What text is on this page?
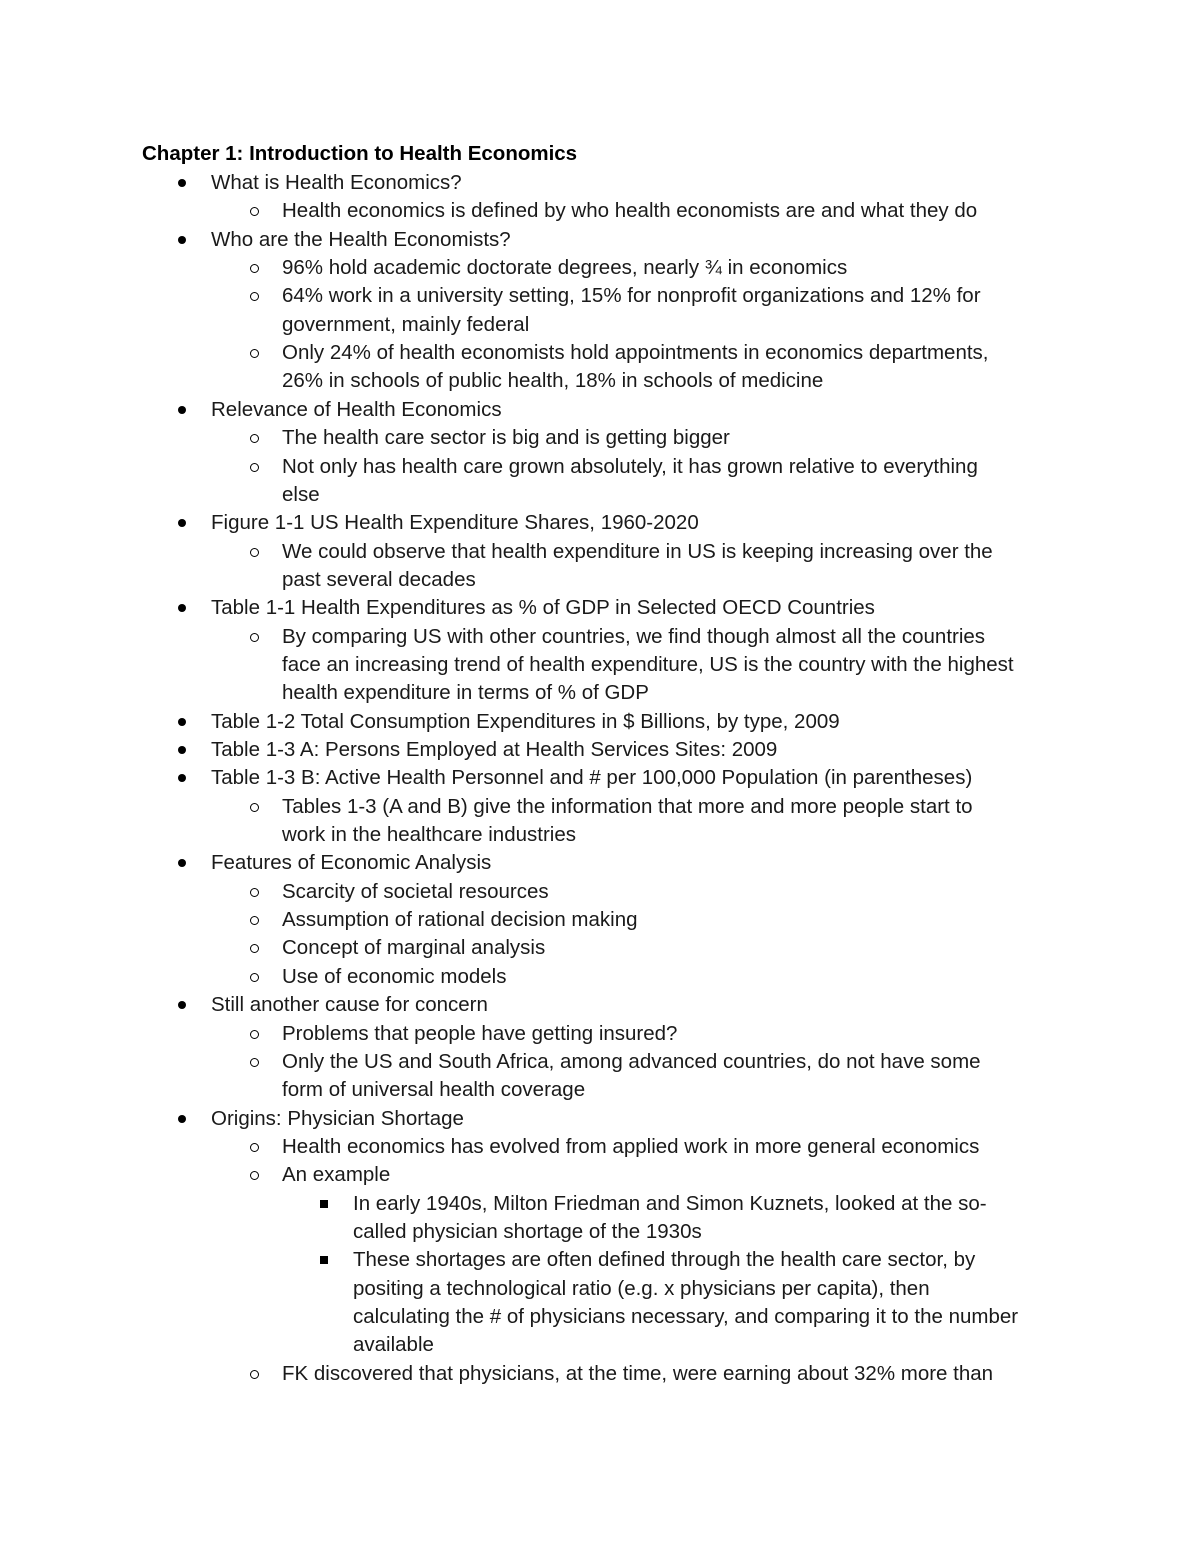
Chapter 1: Introduction to Health Economics
What is Health Economics?
Health economics is defined by who health economists are and what they do
Who are the Health Economists?
96% hold academic doctorate degrees, nearly ¾ in economics
64% work in a university setting, 15% for nonprofit organizations and 12% for
government, mainly federal
Only 24% of health economists hold appointments in economics departments,
26% in schools of public health, 18% in schools of medicine
Relevance of Health Economics
The health care sector is big and is getting bigger
Not only has health care grown absolutely, it has grown relative to everything
else
Figure 1-1 US Health Expenditure Shares, 1960-2020
We could observe that health expenditure in US is keeping increasing over the
past several decades
Table 1-1 Health Expenditures as % of GDP in Selected OECD Countries
By comparing US with other countries, we find though almost all the countries
face an increasing trend of health expenditure, US is the country with the highest
health expenditure in terms of % of GDP
Table 1-2 Total Consumption Expenditures in $ Billions, by type, 2009
Table 1-3 A: Persons Employed at Health Services Sites: 2009
Table 1-3 B: Active Health Personnel and # per 100,000 Population (in parentheses)
Tables 1-3 (A and B) give the information that more and more people start to
work in the healthcare industries
Features of Economic Analysis
Scarcity of societal resources
Assumption of rational decision making
Concept of marginal analysis
Use of economic models
Still another cause for concern
Problems that people have getting insured?
Only the US and South Africa, among advanced countries, do not have some
form of universal health coverage
Origins: Physician Shortage
Health economics has evolved from applied work in more general economics
An example
In early 1940s, Milton Friedman and Simon Kuznets, looked at the so-
called physician shortage of the 1930s
These shortages are often defined through the health care sector, by
positing a technological ratio (e.g. x physicians per capita), then
calculating the # of physicians necessary, and comparing it to the number
available
FK discovered that physicians, at the time, were earning about 32% more than
